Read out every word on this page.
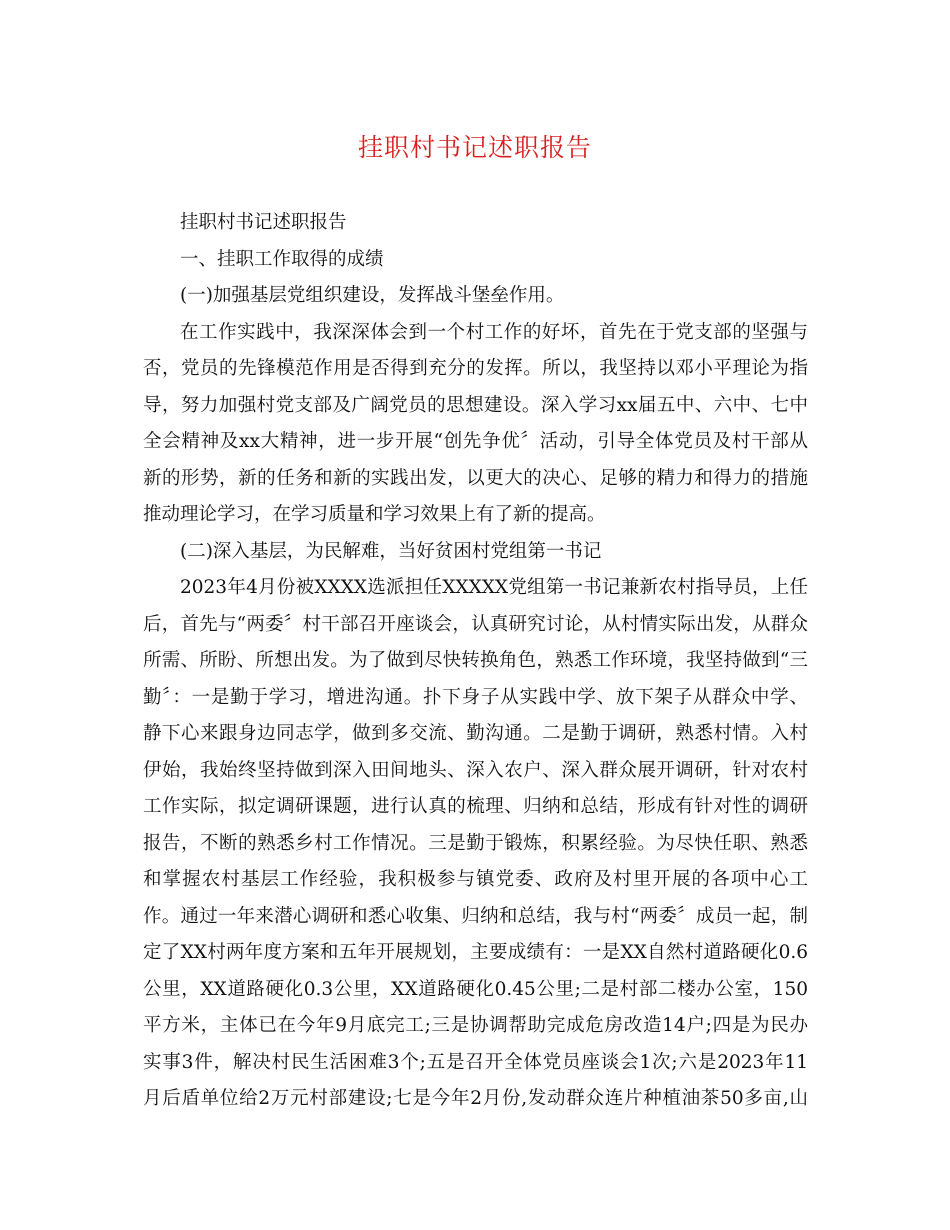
挂职村书记述职报告
挂职村书记述职报告
一、挂职工作取得的成绩
(一)加强基层党组织建设，发挥战斗堡垒作用。
在工作实践中，我深深体会到一个村工作的好坏，首先在于党支部的坚强与
否，党员的先锋模范作用是否得到充分的发挥。所以，我坚持以邓小平理论为指
导，努力加强村党支部及广阔党员的思想建设。深入学习xx届五中、六中、七中
全会精神及xx大精神，进一步开展“创先争优〞活动，引导全体党员及村干部从
新的形势，新的任务和新的实践出发，以更大的决心、足够的精力和得力的措施
推动理论学习，在学习质量和学习效果上有了新的提高。
(二)深入基层，为民解难，当好贫困村党组第一书记
2023年4月份被XXXX选派担任XXXXX党组第一书记兼新农村指导员，上任
后，首先与“两委〞村干部召开座谈会，认真研究讨论，从村情实际出发，从群众
所需、所盼、所想出发。为了做到尽快转换角色，熟悉工作环境，我坚持做到“三
勤〞：一是勤于学习，增进沟通。扑下身子从实践中学、放下架子从群众中学、
静下心来跟身边同志学，做到多交流、勤沟通。二是勤于调研，熟悉村情。入村
伊始，我始终坚持做到深入田间地头、深入农户、深入群众展开调研，针对农村
工作实际，拟定调研课题，进行认真的梳理、归纳和总结，形成有针对性的调研
报告，不断的熟悉乡村工作情况。三是勤于锻炼，积累经验。为尽快任职、熟悉
和掌握农村基层工作经验，我积极参与镇党委、政府及村里开展的各项中心工
作。通过一年来潜心调研和悉心收集、归纳和总结，我与村“两委〞成员一起，制
定了XX村两年度方案和五年开展规划，主要成绩有：一是XX自然村道路硬化0.6
公里，XX道路硬化0.3公里，XX道路硬化0.45公里;二是村部二楼办公室，150
平方米，主体已在今年9月底完工;三是协调帮助完成危房改造14户;四是为民办
实事3件，解决村民生活困难3个;五是召开全体党员座谈会1次;六是2023年11
月后盾单位给2万元村部建设;七是今年2月份,发动群众连片种植油茶50多亩,山
